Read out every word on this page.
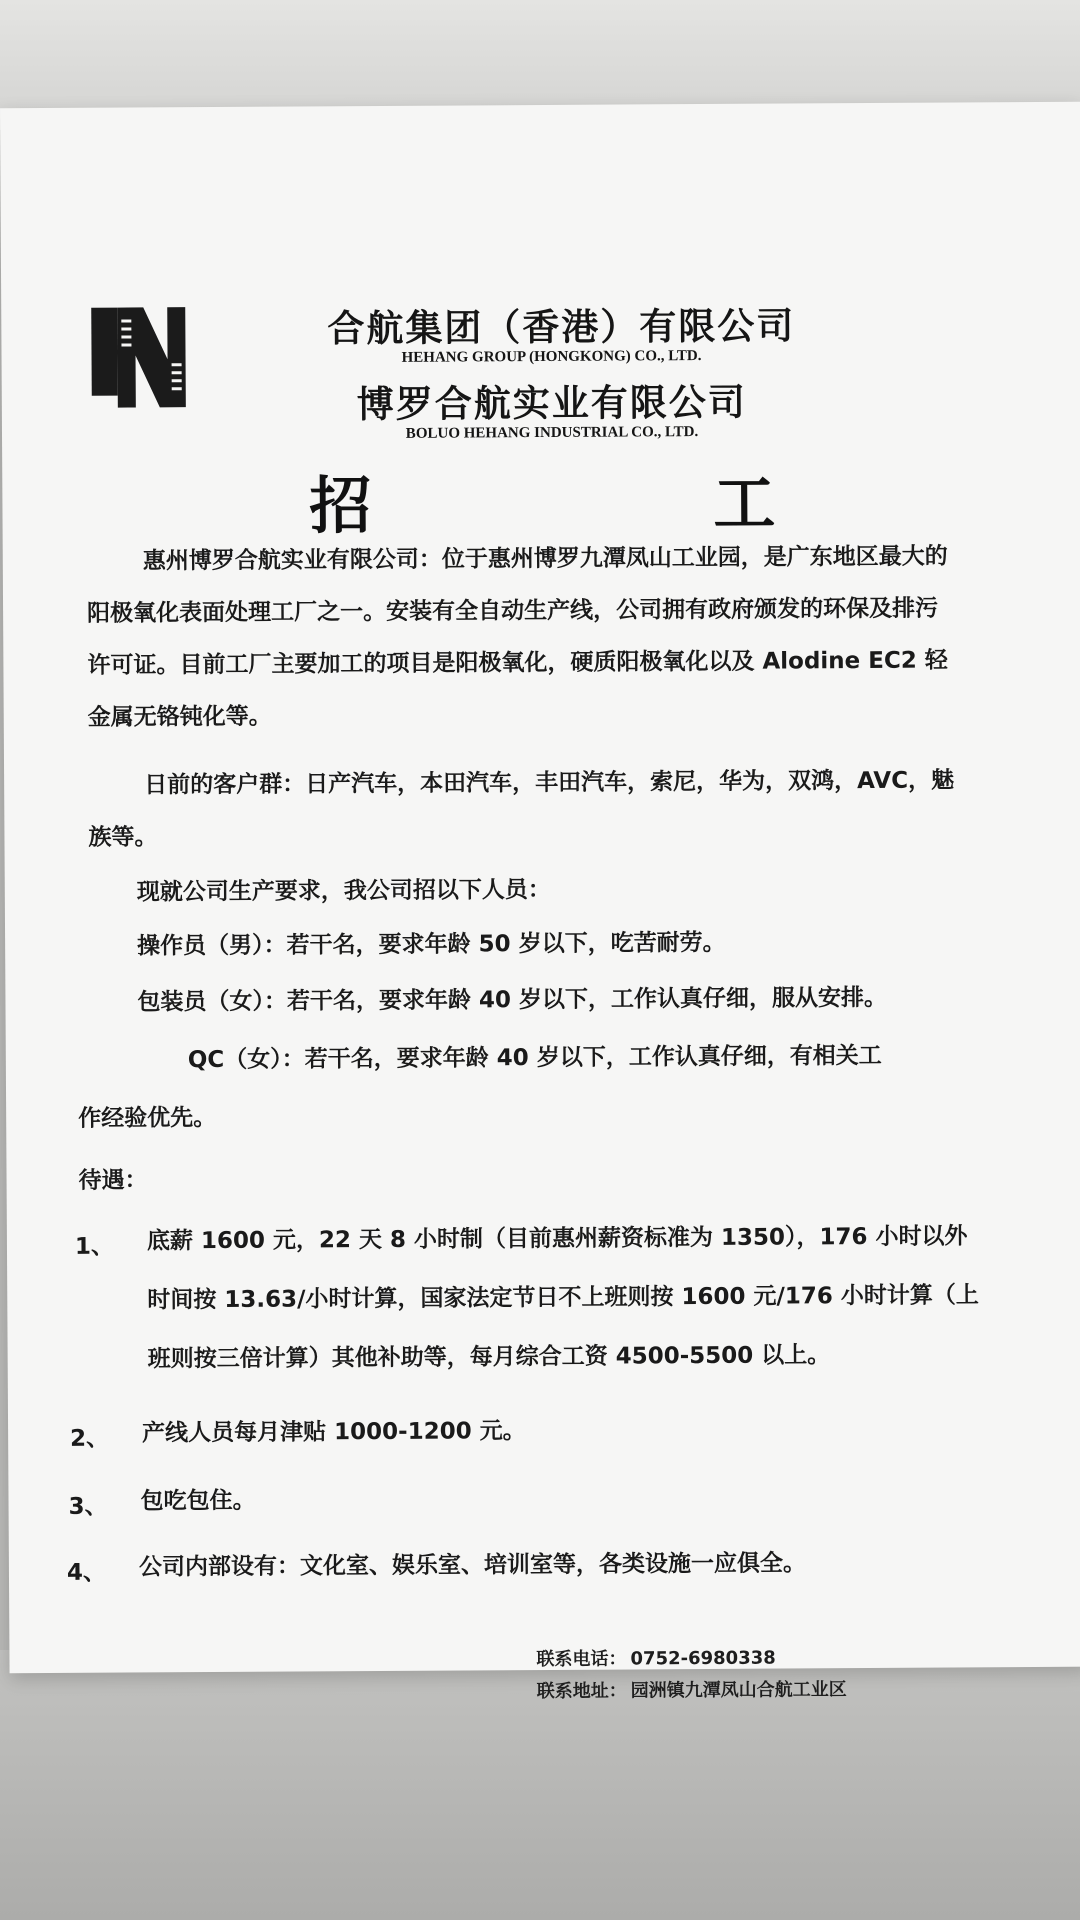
合航集团（香港）有限公司
HEHANG GROUP (HONGKONG) CO., LTD.
博罗合航实业有限公司
BOLUO HEHANG INDUSTRIAL CO., LTD.
招　工
惠州博罗合航实业有限公司：位于惠州博罗九潭凤山工业园，是广东地区最大的阳极氧化表面处理工厂之一。安装有全自动生产线，公司拥有政府颁发的环保及排污许可证。目前工厂主要加工的项目是阳极氧化，硬质阳极氧化以及 Alodine EC2 轻金属无铬钝化等。
日前的客户群：日产汽车，本田汽车，丰田汽车，索尼，华为，双鸿，AVC，魅族等。
现就公司生产要求，我公司招以下人员：
操作员（男）：若干名，要求年龄 50 岁以下，吃苦耐劳。
包装员（女）：若干名，要求年龄 40 岁以下，工作认真仔细，服从安排。
QC（女）：若干名，要求年龄 40 岁以下，工作认真仔细，有相关工
作经验优先。
待遇：
1、 底薪 1600 元，22 天 8 小时制（目前惠州薪资标准为 1350），176 小时以外时间按 13.63/小时计算，国家法定节日不上班则按 1600 元/176 小时计算（上班则按三倍计算）其他补助等，每月综合工资 4500-5500 以上。
2、 产线人员每月津贴 1000-1200 元。
3、 包吃包住。
4、 公司内部设有：文化室、娱乐室、培训室等，各类设施一应俱全。
联系电话： 0752-6980338
联系地址： 园洲镇九潭凤山合航工业区
